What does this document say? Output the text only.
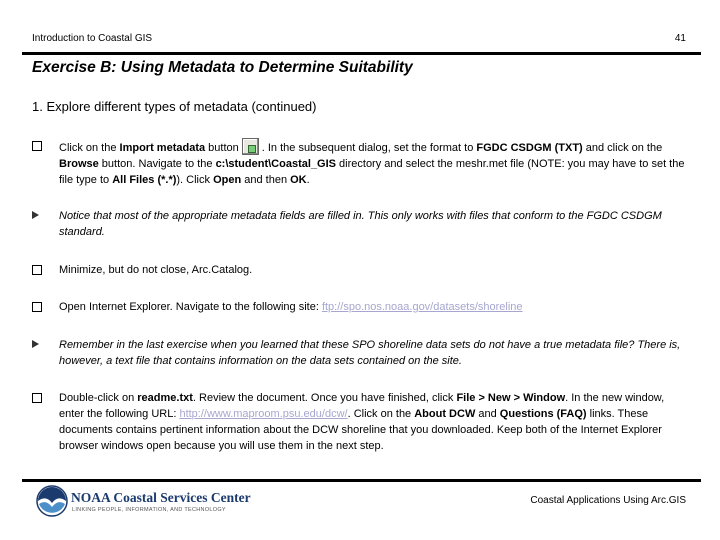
Introduction to Coastal GIS	41
Exercise B: Using Metadata to Determine Suitability
1. Explore different types of metadata (continued)
Click on the Import metadata button . In the subsequent dialog, set the format to FGDC CSDGM (TXT) and click on the Browse button. Navigate to the c:\student\Coastal_GIS directory and select the meshr.met file (NOTE: you may have to set the file type to All Files (*.*)). Click Open and then OK.
Notice that most of the appropriate metadata fields are filled in. This only works with files that conform to the FGDC CSDGM standard.
Minimize, but do not close, Arc.Catalog.
Open Internet Explorer. Navigate to the following site: ftp://spo.nos.noaa.gov/datasets/shoreline
Remember in the last exercise when you learned that these SPO shoreline data sets do not have a true metadata file? There is, however, a text file that contains information on the data sets contained on the site.
Double-click on readme.txt. Review the document. Once you have finished, click File > New > Window. In the new window, enter the following URL: http://www.maproom.psu.edu/dcw/. Click on the About DCW and Questions (FAQ) links. These documents contains pertinent information about the DCW shoreline that you downloaded. Keep both of the Internet Explorer browser windows open because you will use them in the next step.
NOAA Coastal Services Center
LINKING PEOPLE, INFORMATION, AND TECHNOLOGY
Coastal Applications Using Arc.GIS
